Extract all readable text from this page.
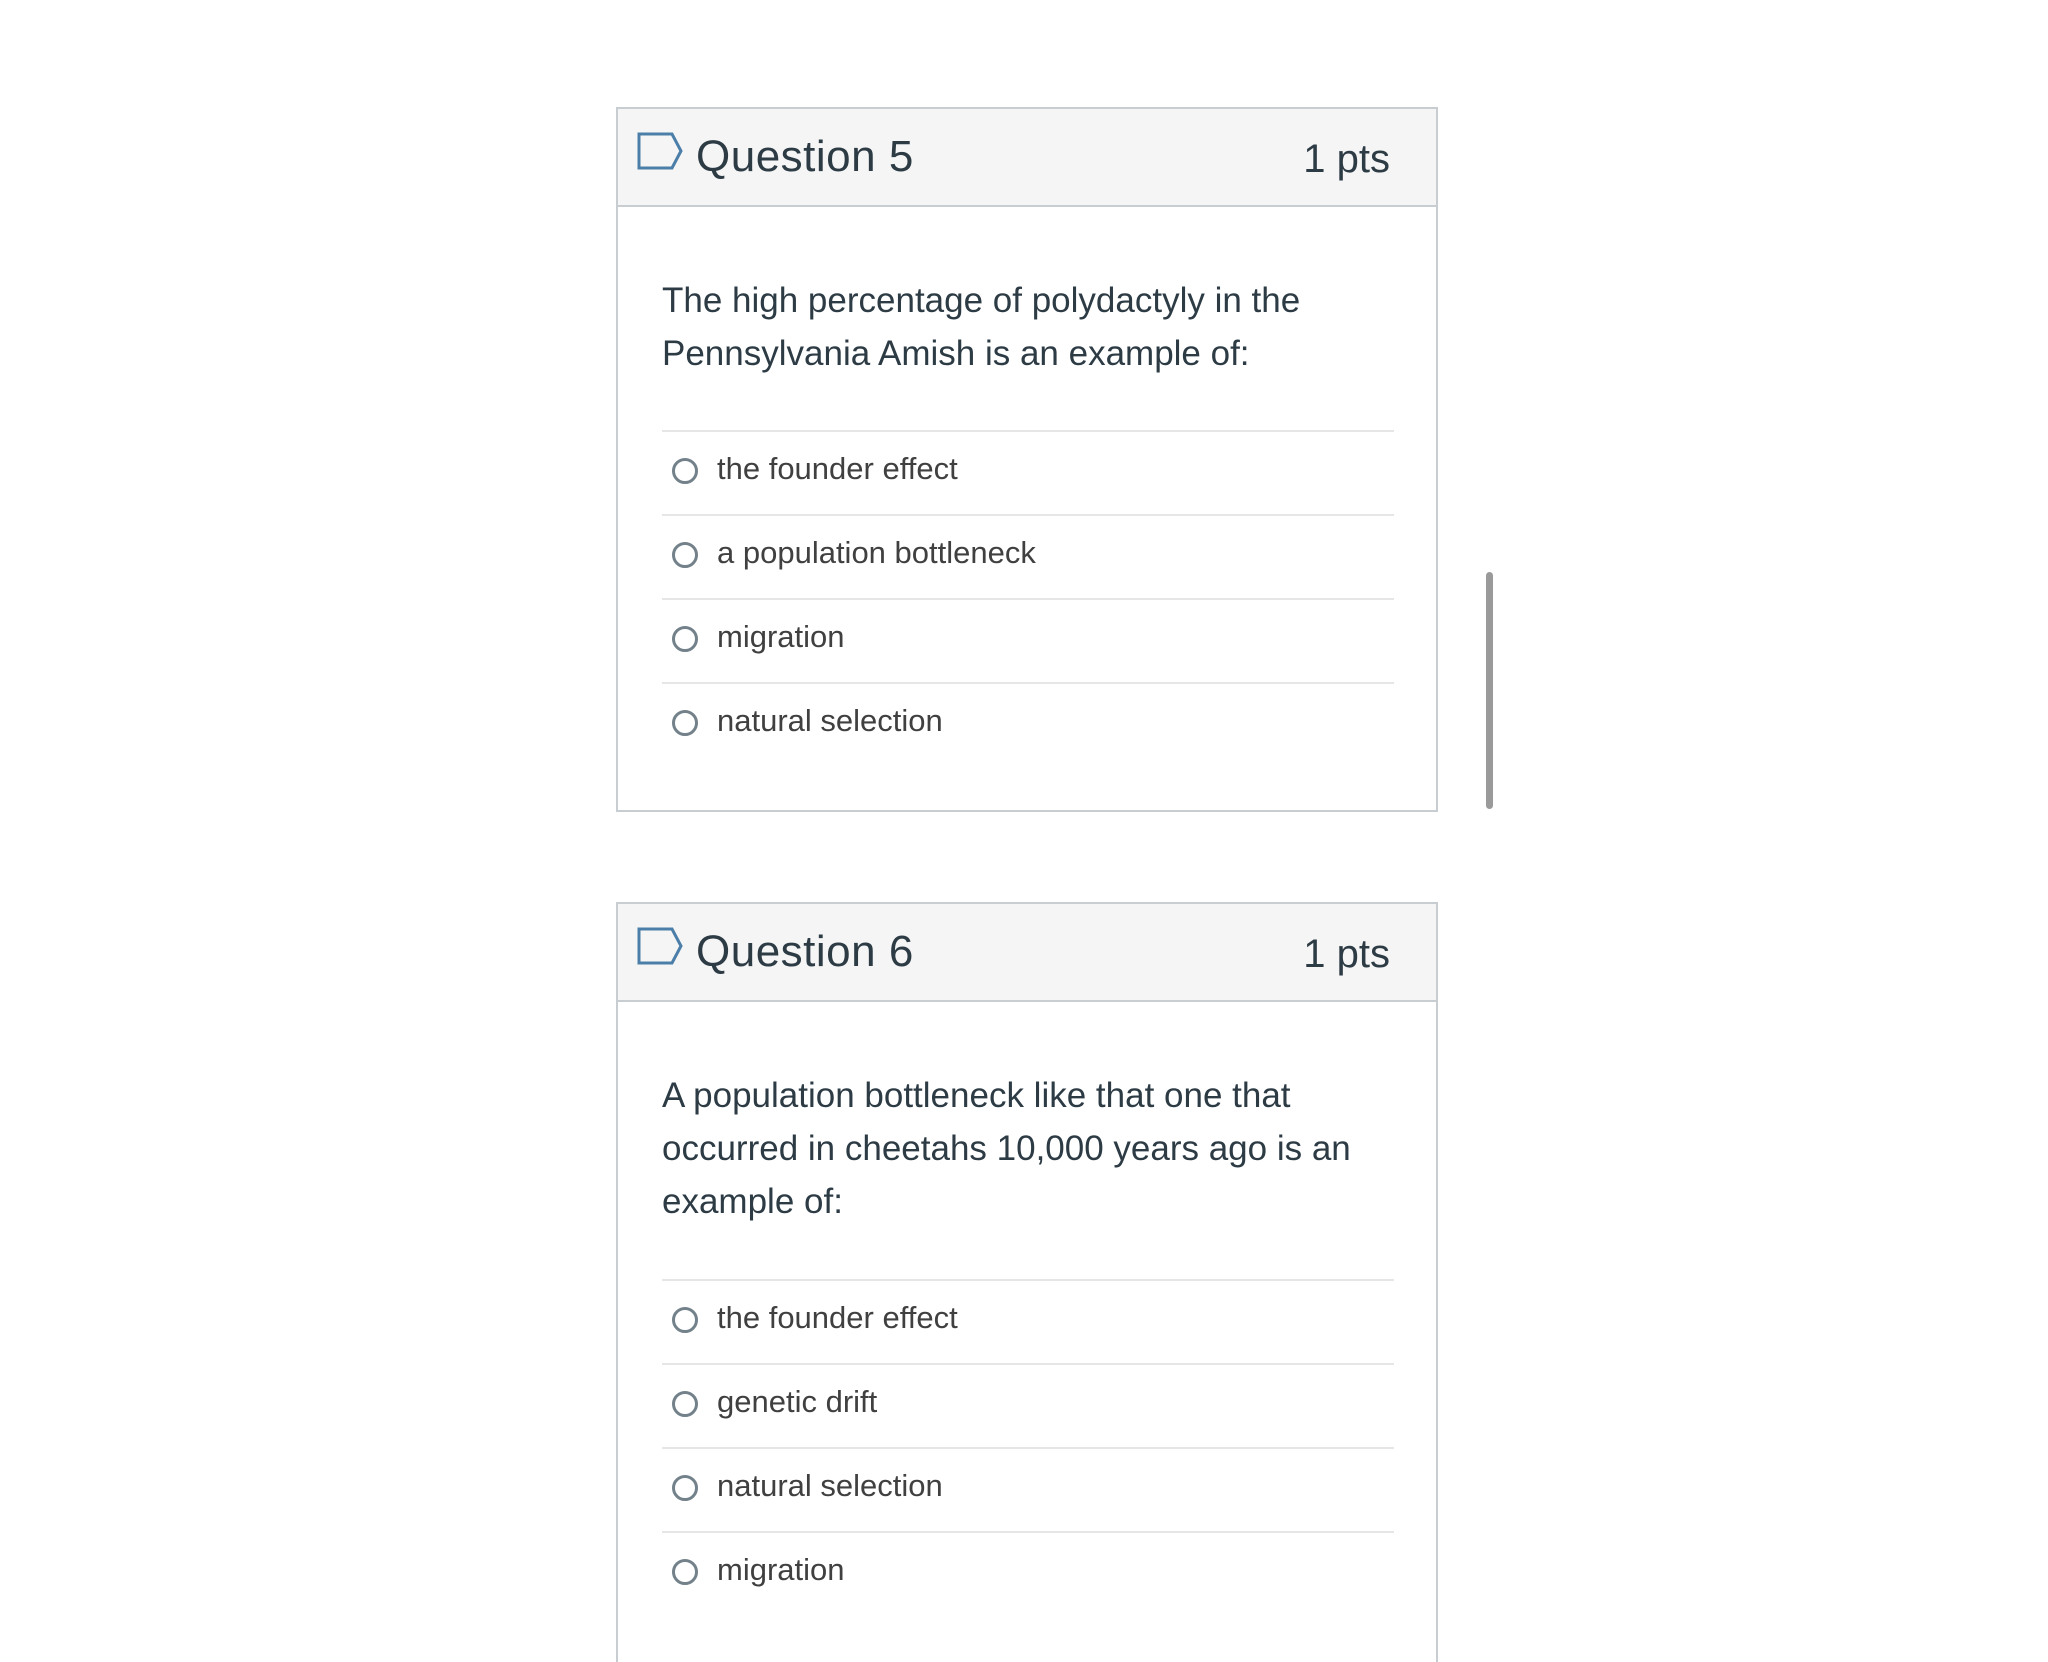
Question 5	1 pts
The high percentage of polydactyly in the Pennsylvania Amish is an example of:
the founder effect
a population bottleneck
migration
natural selection
Question 6	1 pts
A population bottleneck like that one that occurred in cheetahs 10,000 years ago is an example of:
the founder effect
genetic drift
natural selection
migration
